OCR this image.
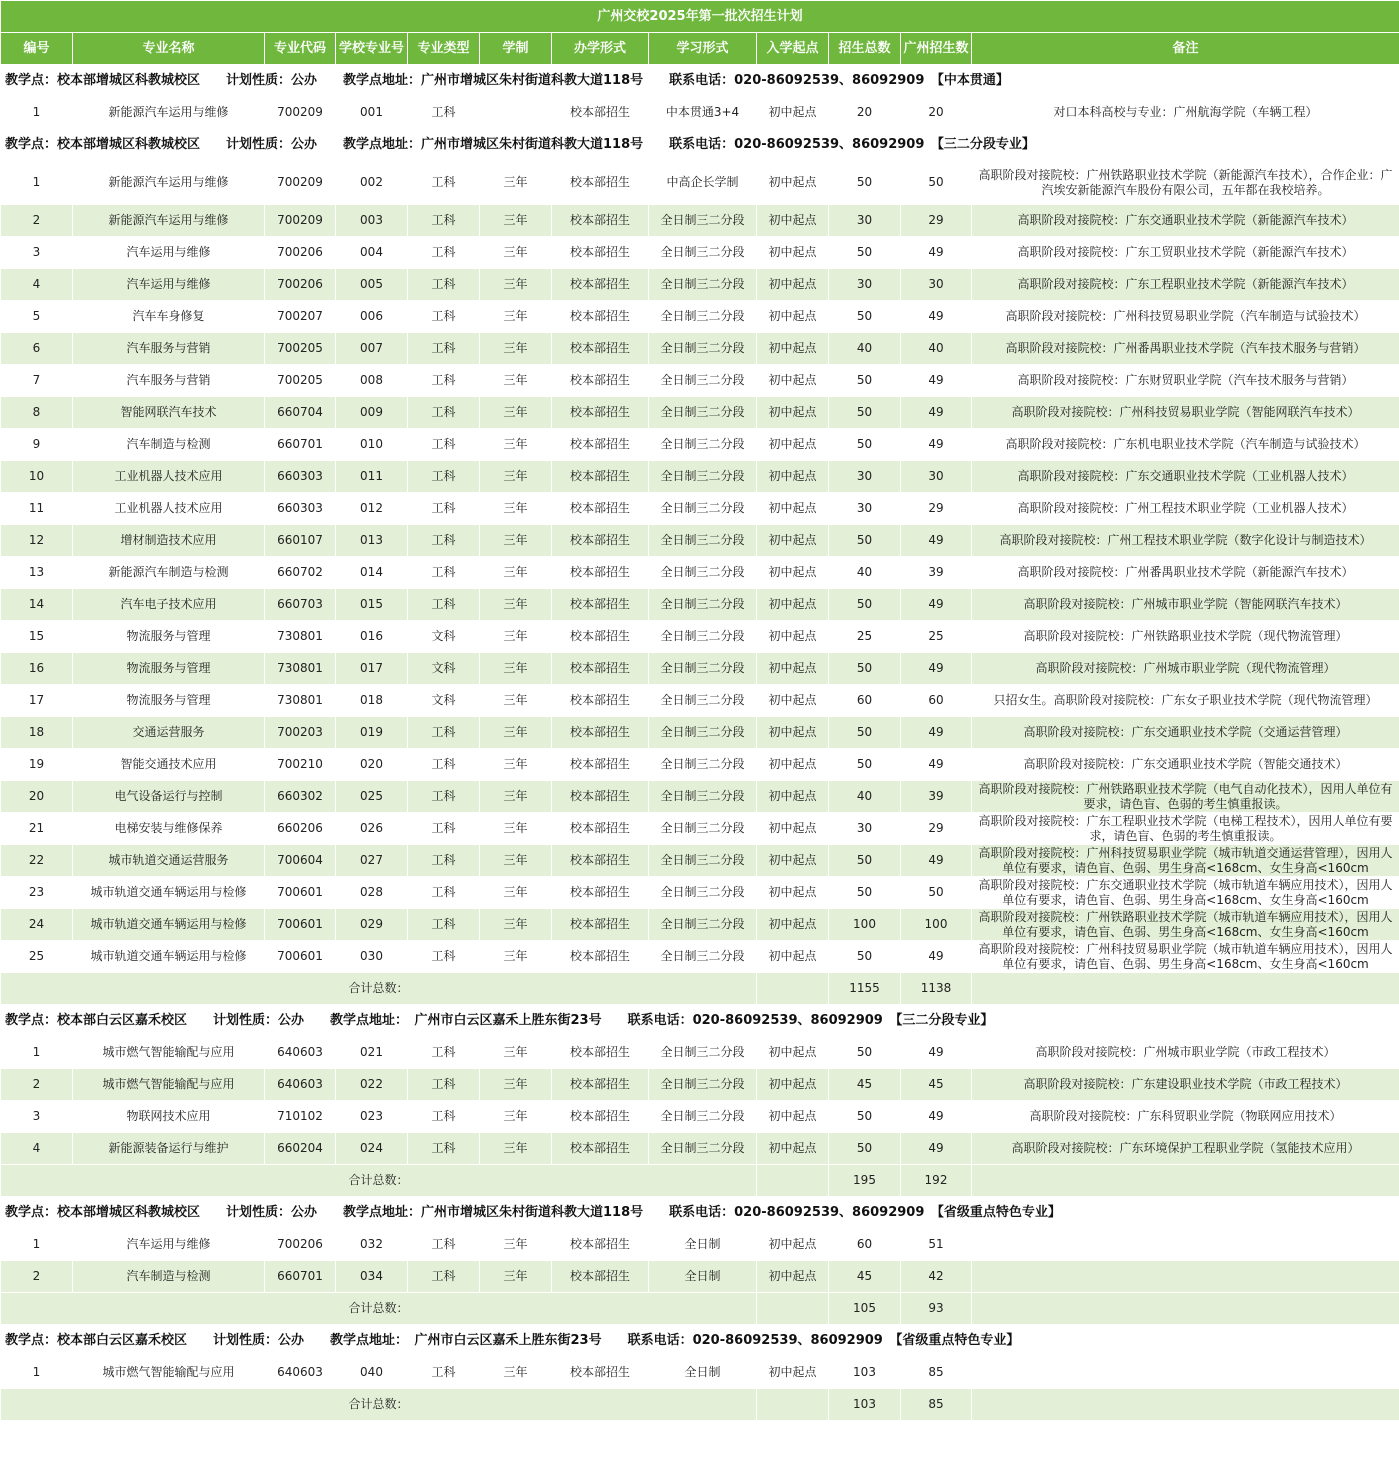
广州交校2025年第一批次招生计划											
编号	专业名称	专业代码	学校专业号	专业类型	学制	办学形式	学习形式	入学起点	招生总数	广州招生数	备注
教学点：校本部增城区科教城校区　　计划性质：公办　　教学点地址：广州市增城区朱村街道科教大道118号　　联系电话：020-86092539、86092909　【中本贯通】											
1	新能源汽车运用与维修	700209	001	工科		校本部招生	中本贯通3+4	初中起点	20	20	对口本科高校与专业：广州航海学院（车辆工程）
教学点：校本部增城区科教城校区　　计划性质：公办　　教学点地址：广州市增城区朱村街道科教大道118号　　联系电话：020-86092539、86092909　【三二分段专业】											
1	新能源汽车运用与维修	700209	002	工科	三年	校本部招生	中高企长学制	初中起点	50	50	高职阶段对接院校：广州铁路职业技术学院（新能源汽车技术），合作企业：广汽埃安新能源汽车股份有限公司，五年都在我校培养。
2	新能源汽车运用与维修	700209	003	工科	三年	校本部招生	全日制三二分段	初中起点	30	29	高职阶段对接院校：广东交通职业技术学院（新能源汽车技术）
3	汽车运用与维修	700206	004	工科	三年	校本部招生	全日制三二分段	初中起点	50	49	高职阶段对接院校：广东工贸职业技术学院（新能源汽车技术）
4	汽车运用与维修	700206	005	工科	三年	校本部招生	全日制三二分段	初中起点	30	30	高职阶段对接院校：广东工程职业技术学院（新能源汽车技术）
5	汽车车身修复	700207	006	工科	三年	校本部招生	全日制三二分段	初中起点	50	49	高职阶段对接院校：广州科技贸易职业学院（汽车制造与试验技术）
6	汽车服务与营销	700205	007	工科	三年	校本部招生	全日制三二分段	初中起点	40	40	高职阶段对接院校：广州番禺职业技术学院（汽车技术服务与营销）
7	汽车服务与营销	700205	008	工科	三年	校本部招生	全日制三二分段	初中起点	50	49	高职阶段对接院校：广东财贸职业学院（汽车技术服务与营销）
8	智能网联汽车技术	660704	009	工科	三年	校本部招生	全日制三二分段	初中起点	50	49	高职阶段对接院校：广州科技贸易职业学院（智能网联汽车技术）
9	汽车制造与检测	660701	010	工科	三年	校本部招生	全日制三二分段	初中起点	50	49	高职阶段对接院校：广东机电职业技术学院（汽车制造与试验技术）
10	工业机器人技术应用	660303	011	工科	三年	校本部招生	全日制三二分段	初中起点	30	30	高职阶段对接院校：广东交通职业技术学院（工业机器人技术）
11	工业机器人技术应用	660303	012	工科	三年	校本部招生	全日制三二分段	初中起点	30	29	高职阶段对接院校：广州工程技术职业学院（工业机器人技术）
12	增材制造技术应用	660107	013	工科	三年	校本部招生	全日制三二分段	初中起点	50	49	高职阶段对接院校：广州工程技术职业学院（数字化设计与制造技术）
13	新能源汽车制造与检测	660702	014	工科	三年	校本部招生	全日制三二分段	初中起点	40	39	高职阶段对接院校：广州番禺职业技术学院（新能源汽车技术）
14	汽车电子技术应用	660703	015	工科	三年	校本部招生	全日制三二分段	初中起点	50	49	高职阶段对接院校：广州城市职业学院（智能网联汽车技术）
15	物流服务与管理	730801	016	文科	三年	校本部招生	全日制三二分段	初中起点	25	25	高职阶段对接院校：广州铁路职业技术学院（现代物流管理）
16	物流服务与管理	730801	017	文科	三年	校本部招生	全日制三二分段	初中起点	50	49	高职阶段对接院校：广州城市职业学院（现代物流管理）
17	物流服务与管理	730801	018	文科	三年	校本部招生	全日制三二分段	初中起点	60	60	只招女生。高职阶段对接院校：广东女子职业技术学院（现代物流管理）
18	交通运营服务	700203	019	工科	三年	校本部招生	全日制三二分段	初中起点	50	49	高职阶段对接院校：广东交通职业技术学院（交通运营管理）
19	智能交通技术应用	700210	020	工科	三年	校本部招生	全日制三二分段	初中起点	50	49	高职阶段对接院校：广东交通职业技术学院（智能交通技术）
20	电气设备运行与控制	660302	025	工科	三年	校本部招生	全日制三二分段	初中起点	40	39	高职阶段对接院校：广州铁路职业技术学院（电气自动化技术），因用人单位有要求，请色盲、色弱的考生慎重报读。
21	电梯安装与维修保养	660206	026	工科	三年	校本部招生	全日制三二分段	初中起点	30	29	高职阶段对接院校：广东工程职业技术学院（电梯工程技术），因用人单位有要求，请色盲、色弱的考生慎重报读。
22	城市轨道交通运营服务	700604	027	工科	三年	校本部招生	全日制三二分段	初中起点	50	49	高职阶段对接院校：广州科技贸易职业学院（城市轨道交通运营管理），因用人单位有要求，请色盲、色弱、男生身高<168cm、女生身高<160cm
23	城市轨道交通车辆运用与检修	700601	028	工科	三年	校本部招生	全日制三二分段	初中起点	50	50	高职阶段对接院校：广东交通职业技术学院（城市轨道车辆应用技术），因用人单位有要求，请色盲、色弱、男生身高<168cm、女生身高<160cm
24	城市轨道交通车辆运用与检修	700601	029	工科	三年	校本部招生	全日制三二分段	初中起点	100	100	高职阶段对接院校：广州铁路职业技术学院（城市轨道车辆应用技术），因用人单位有要求，请色盲、色弱、男生身高<168cm、女生身高<160cm
25	城市轨道交通车辆运用与检修	700601	030	工科	三年	校本部招生	全日制三二分段	初中起点	50	49	高职阶段对接院校：广州科技贸易职业学院（城市轨道车辆应用技术），因用人单位有要求，请色盲、色弱、男生身高<168cm、女生身高<160cm
合计总数：									1155	1138	
教学点：校本部白云区嘉禾校区　　计划性质：公办　　教学点地址：　广州市白云区嘉禾上胜东街23号　　联系电话：020-86092539、86092909　【三二分段专业】											
1	城市燃气智能输配与应用	640603	021	工科	三年	校本部招生	全日制三二分段	初中起点	50	49	高职阶段对接院校：广州城市职业学院（市政工程技术）
2	城市燃气智能输配与应用	640603	022	工科	三年	校本部招生	全日制三二分段	初中起点	45	45	高职阶段对接院校：广东建设职业技术学院（市政工程技术）
3	物联网技术应用	710102	023	工科	三年	校本部招生	全日制三二分段	初中起点	50	49	高职阶段对接院校：广东科贸职业学院（物联网应用技术）
4	新能源装备运行与维护	660204	024	工科	三年	校本部招生	全日制三二分段	初中起点	50	49	高职阶段对接院校：广东环境保护工程职业学院（氢能技术应用）
合计总数：									195	192	
教学点：校本部增城区科教城校区　　计划性质：公办　　教学点地址：广州市增城区朱村街道科教大道118号　　联系电话：020-86092539、86092909　【省级重点特色专业】											
1	汽车运用与维修	700206	032	工科	三年	校本部招生	全日制	初中起点	60	51	
2	汽车制造与检测	660701	034	工科	三年	校本部招生	全日制	初中起点	45	42	
合计总数：									105	93	
教学点：校本部白云区嘉禾校区　　计划性质：公办　　教学点地址：　广州市白云区嘉禾上胜东街23号　　联系电话：020-86092539、86092909　【省级重点特色专业】											
1	城市燃气智能输配与应用	640603	040	工科	三年	校本部招生	全日制	初中起点	103	85	
合计总数：									103	85	
